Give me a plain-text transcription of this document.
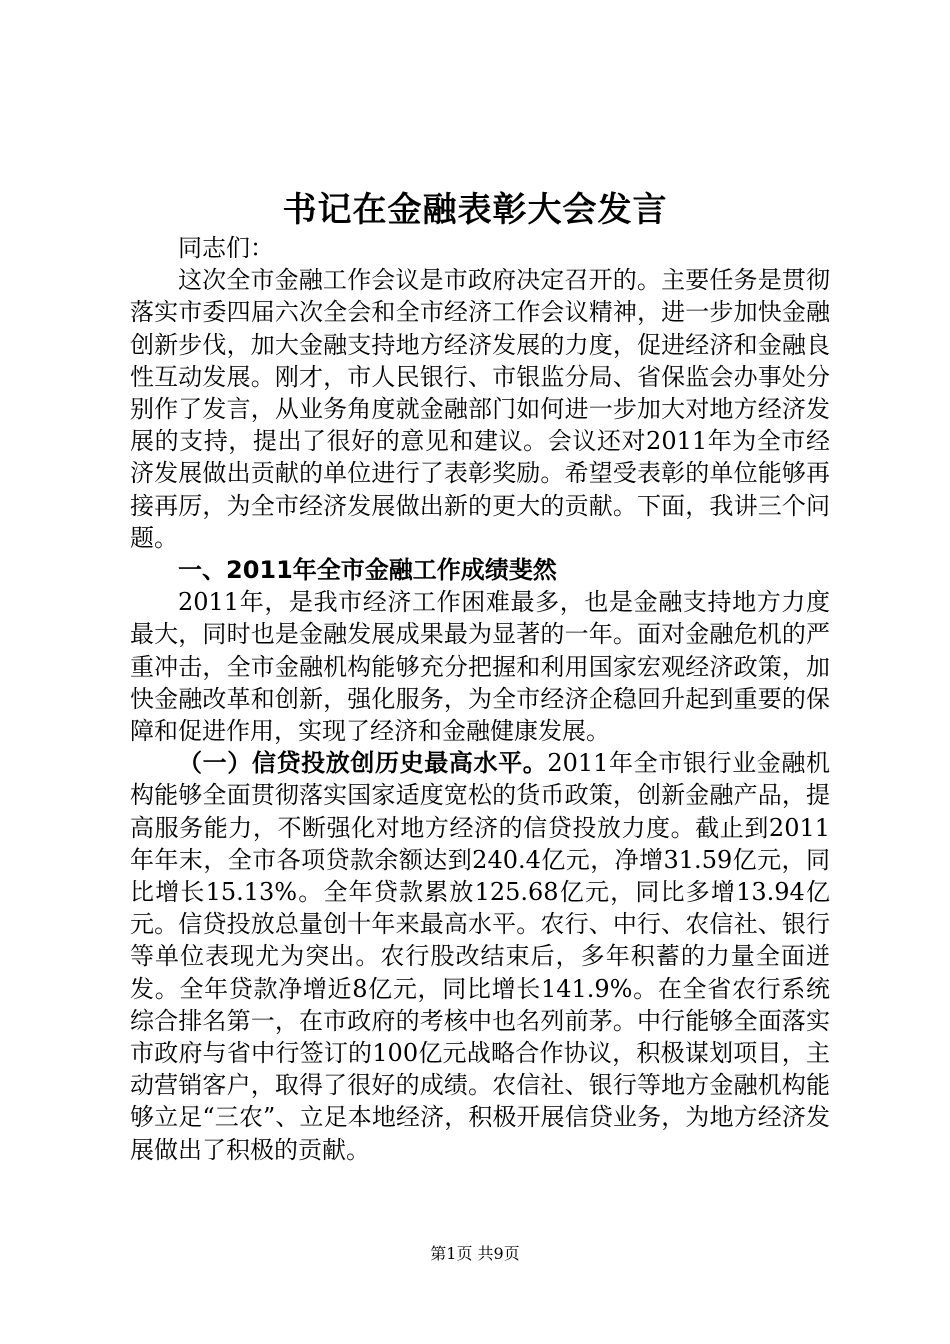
书记在金融表彰大会发言

同志们：

这次全市金融工作会议是市政府决定召开的。主要任务是贯彻落实市委四届六次全会和全市经济工作会议精神，进一步加快金融创新步伐，加大金融支持地方经济发展的力度，促进经济和金融良性互动发展。刚才，市人民银行、市银监分局、省保监会办事处分别作了发言，从业务角度就金融部门如何进一步加大对地方经济发展的支持，提出了很好的意见和建议。会议还对2011年为全市经济发展做出贡献的单位进行了表彰奖励。希望受表彰的单位能够再接再厉，为全市经济发展做出新的更大的贡献。下面，我讲三个问题。

一、2011年全市金融工作成绩斐然

2011年，是我市经济工作困难最多，也是金融支持地方力度最大，同时也是金融发展成果最为显著的一年。面对金融危机的严重冲击，全市金融机构能够充分把握和利用国家宏观经济政策，加快金融改革和创新，强化服务，为全市经济企稳回升起到重要的保障和促进作用，实现了经济和金融健康发展。

（一）信贷投放创历史最高水平。2011年全市银行业金融机构能够全面贯彻落实国家适度宽松的货币政策，创新金融产品，提高服务能力，不断强化对地方经济的信贷投放力度。截止到2011年年末，全市各项贷款余额达到240.4亿元，净增31.59亿元，同比增长15.13%。全年贷款累放125.68亿元，同比多增13.94亿元。信贷投放总量创十年来最高水平。农行、中行、农信社、银行等单位表现尤为突出。农行股改结束后，多年积蓄的力量全面迸发。全年贷款净增近8亿元，同比增长141.9%。在全省农行系统综合排名第一，在市政府的考核中也名列前茅。中行能够全面落实市政府与省中行签订的100亿元战略合作协议，积极谋划项目，主动营销客户，取得了很好的成绩。农信社、银行等地方金融机构能够立足“三农”、立足本地经济，积极开展信贷业务，为地方经济发展做出了积极的贡献。

第1页 共9页
